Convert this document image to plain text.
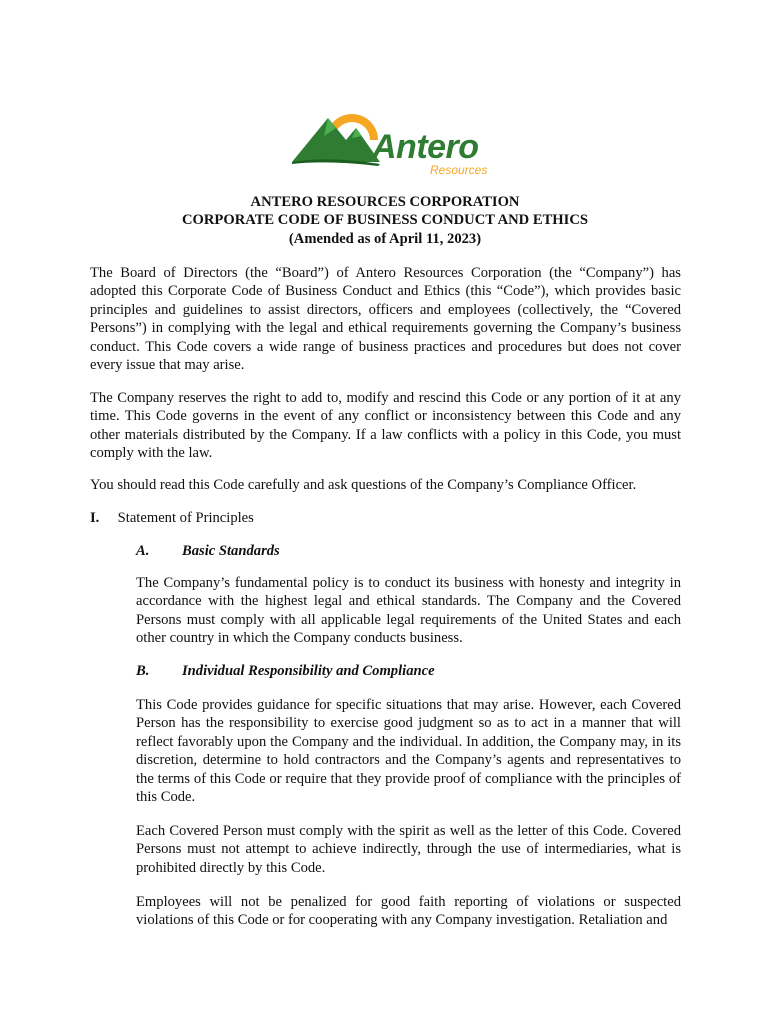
Antero
Resources
ANTERO RESOURCES CORPORATION
CORPORATE CODE OF BUSINESS CONDUCT AND ETHICS
(Amended as of April 11, 2023)
The Board of Directors (the “Board”) of Antero Resources Corporation (the “Company”) has adopted this Corporate Code of Business Conduct and Ethics (this “Code”), which provides basic principles and guidelines to assist directors, officers and employees (collectively, the “Covered Persons”) in complying with the legal and ethical requirements governing the Company’s business conduct. This Code covers a wide range of business practices and procedures but does not cover every issue that may arise.
The Company reserves the right to add to, modify and rescind this Code or any portion of it at any time. This Code governs in the event of any conflict or inconsistency between this Code and any other materials distributed by the Company. If a law conflicts with a policy in this Code, you must comply with the law.
You should read this Code carefully and ask questions of the Company’s Compliance Officer.
I. Statement of Principles
A. Basic Standards
The Company’s fundamental policy is to conduct its business with honesty and integrity in accordance with the highest legal and ethical standards. The Company and the Covered Persons must comply with all applicable legal requirements of the United States and each other country in which the Company conducts business.
B. Individual Responsibility and Compliance
This Code provides guidance for specific situations that may arise. However, each Covered Person has the responsibility to exercise good judgment so as to act in a manner that will reflect favorably upon the Company and the individual. In addition, the Company may, in its discretion, determine to hold contractors and the Company’s agents and representatives to the terms of this Code or require that they provide proof of compliance with the principles of this Code.
Each Covered Person must comply with the spirit as well as the letter of this Code. Covered Persons must not attempt to achieve indirectly, through the use of intermediaries, what is prohibited directly by this Code.
Employees will not be penalized for good faith reporting of violations or suspected violations of this Code or for cooperating with any Company investigation. Retaliation and
